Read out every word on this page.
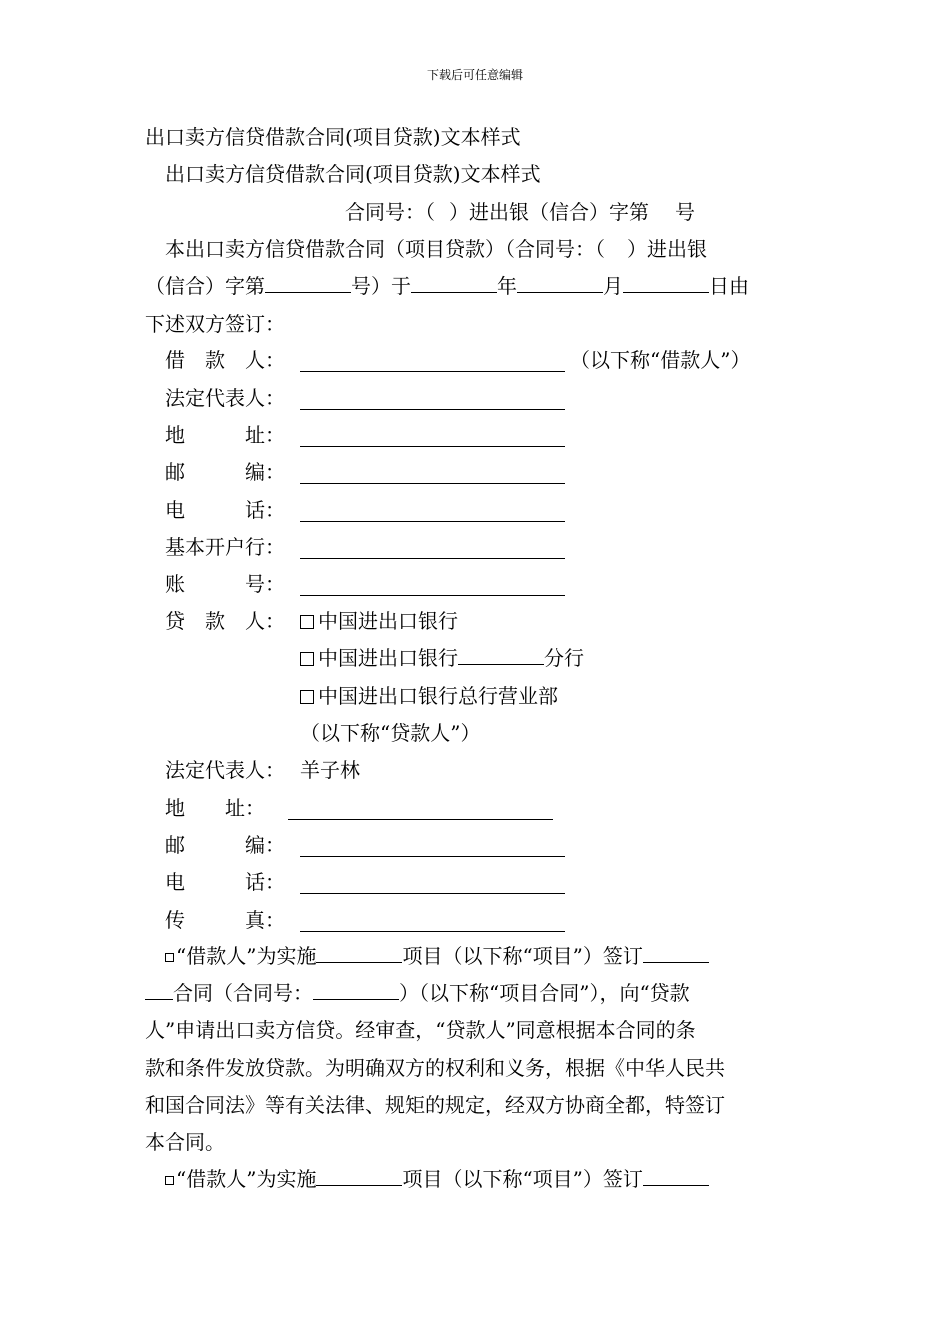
下载后可任意编辑
出口卖方信贷借款合同(项目贷款)文本样式
出口卖方信贷借款合同(项目贷款)文本样式
合同号：（ ）进出银（信合）字第 号
本出口卖方信贷借款合同（项目贷款）（合同号：（ ）进出银
（信合）字第	号）于	年	月	日由
下述双方签订：
借　款　人：	（以下称“借款人”）
法定代表人：
地　　　址：
邮　　　编：
电　　　话：
基本开户行：
账　　　号：
贷　款　人：	中国进出口银行
中国进出口银行	分行
中国进出口银行总行营业部
（以下称“贷款人”）
法定代表人： 羊子林
地　　址：
邮　　　编：
电　　　话：
传　　　真：
“借款人”为实施	项目（以下称“项目”）签订
合同（合同号：	）（以下称“项目合同”），向“贷款
人”申请出口卖方信贷。经审查，“贷款人”同意根据本合同的条
款和条件发放贷款。为明确双方的权利和义务，根据《中华人民共
和国合同法》等有关法律、规矩的规定，经双方协商全都，特签订
本合同。
“借款人”为实施	项目（以下称“项目”）签订
